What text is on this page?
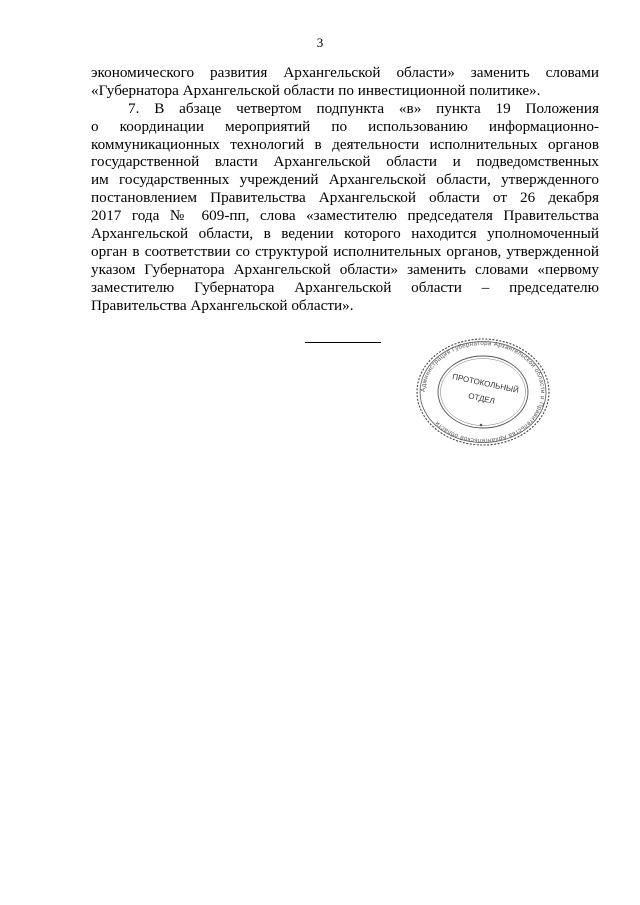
3
экономического развития Архангельской области» заменить словами
«Губернатора Архангельской области по инвестиционной политике».
7. В абзаце четвертом подпункта «в» пункта 19 Положения
о координации мероприятий по использованию информационно-
коммуникационных технологий в деятельности исполнительных органов
государственной власти Архангельской области и подведомственных
им государственных учреждений Архангельской области, утвержденного
постановлением Правительства Архангельской области от 26 декабря
2017 года № 609-пп, слова «заместителю председателя Правительства
Архангельской области, в ведении которого находится уполномоченный
орган в соответствии со структурой исполнительных органов, утвержденной
указом Губернатора Архангельской области» заменить словами «первому
заместителю Губернатора Архангельской области – председателю
Правительства Архангельской области».
Администрация Губернатора Архангельской области и Правительства Архангельской области
ПРОТОКОЛЬНЫЙ
ОТДЕЛ
